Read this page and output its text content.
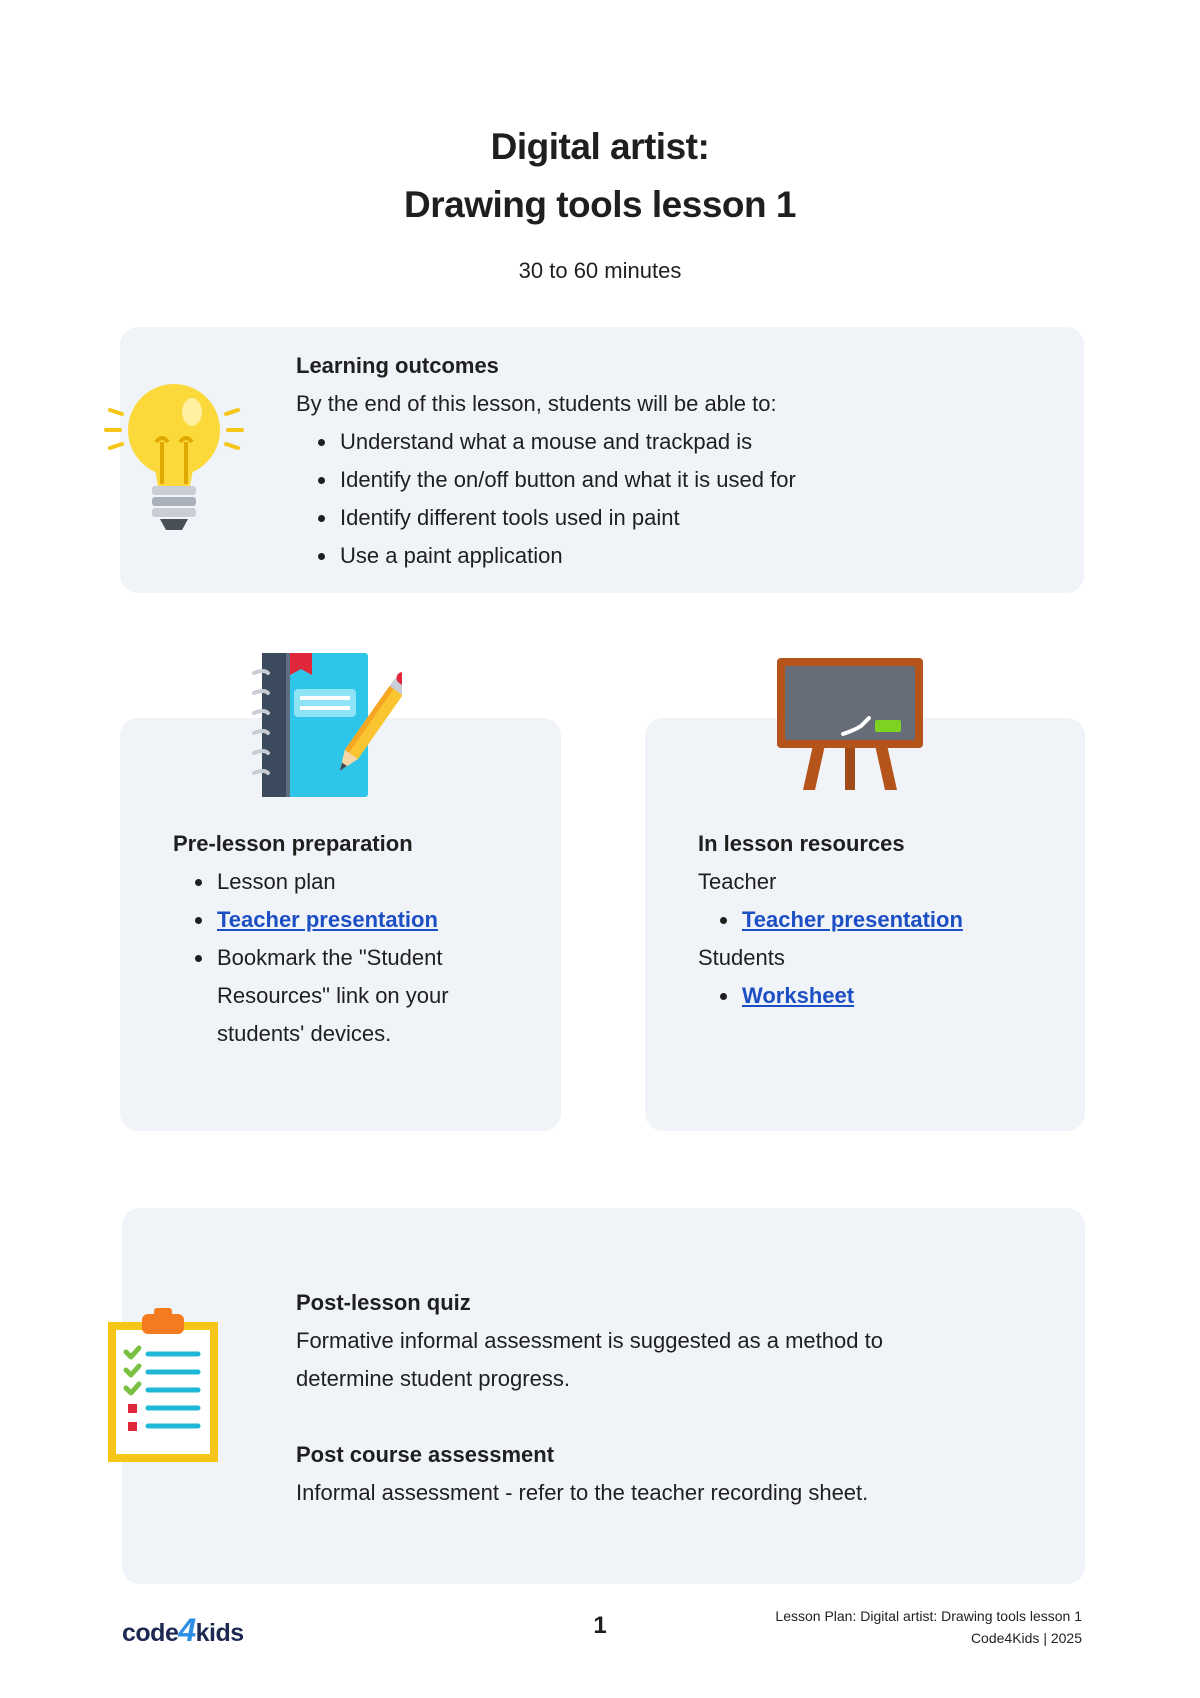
Digital artist:
Drawing tools lesson 1
30 to 60 minutes
Learning outcomes
By the end of this lesson, students will be able to:
• Understand what a mouse and trackpad is
• Identify the on/off button and what it is used for
• Identify different tools used in paint
• Use a paint application
Pre-lesson preparation
• Lesson plan
• Teacher presentation
• Bookmark the "Student Resources" link on your students' devices.
In lesson resources
Teacher
• Teacher presentation
Students
• Worksheet
Post-lesson quiz
Formative informal assessment is suggested as a method to determine student progress.
Post course assessment
Informal assessment - refer to the teacher recording sheet.
code4kids	1	Lesson Plan: Digital artist: Drawing tools lesson 1
Code4Kids | 2025
